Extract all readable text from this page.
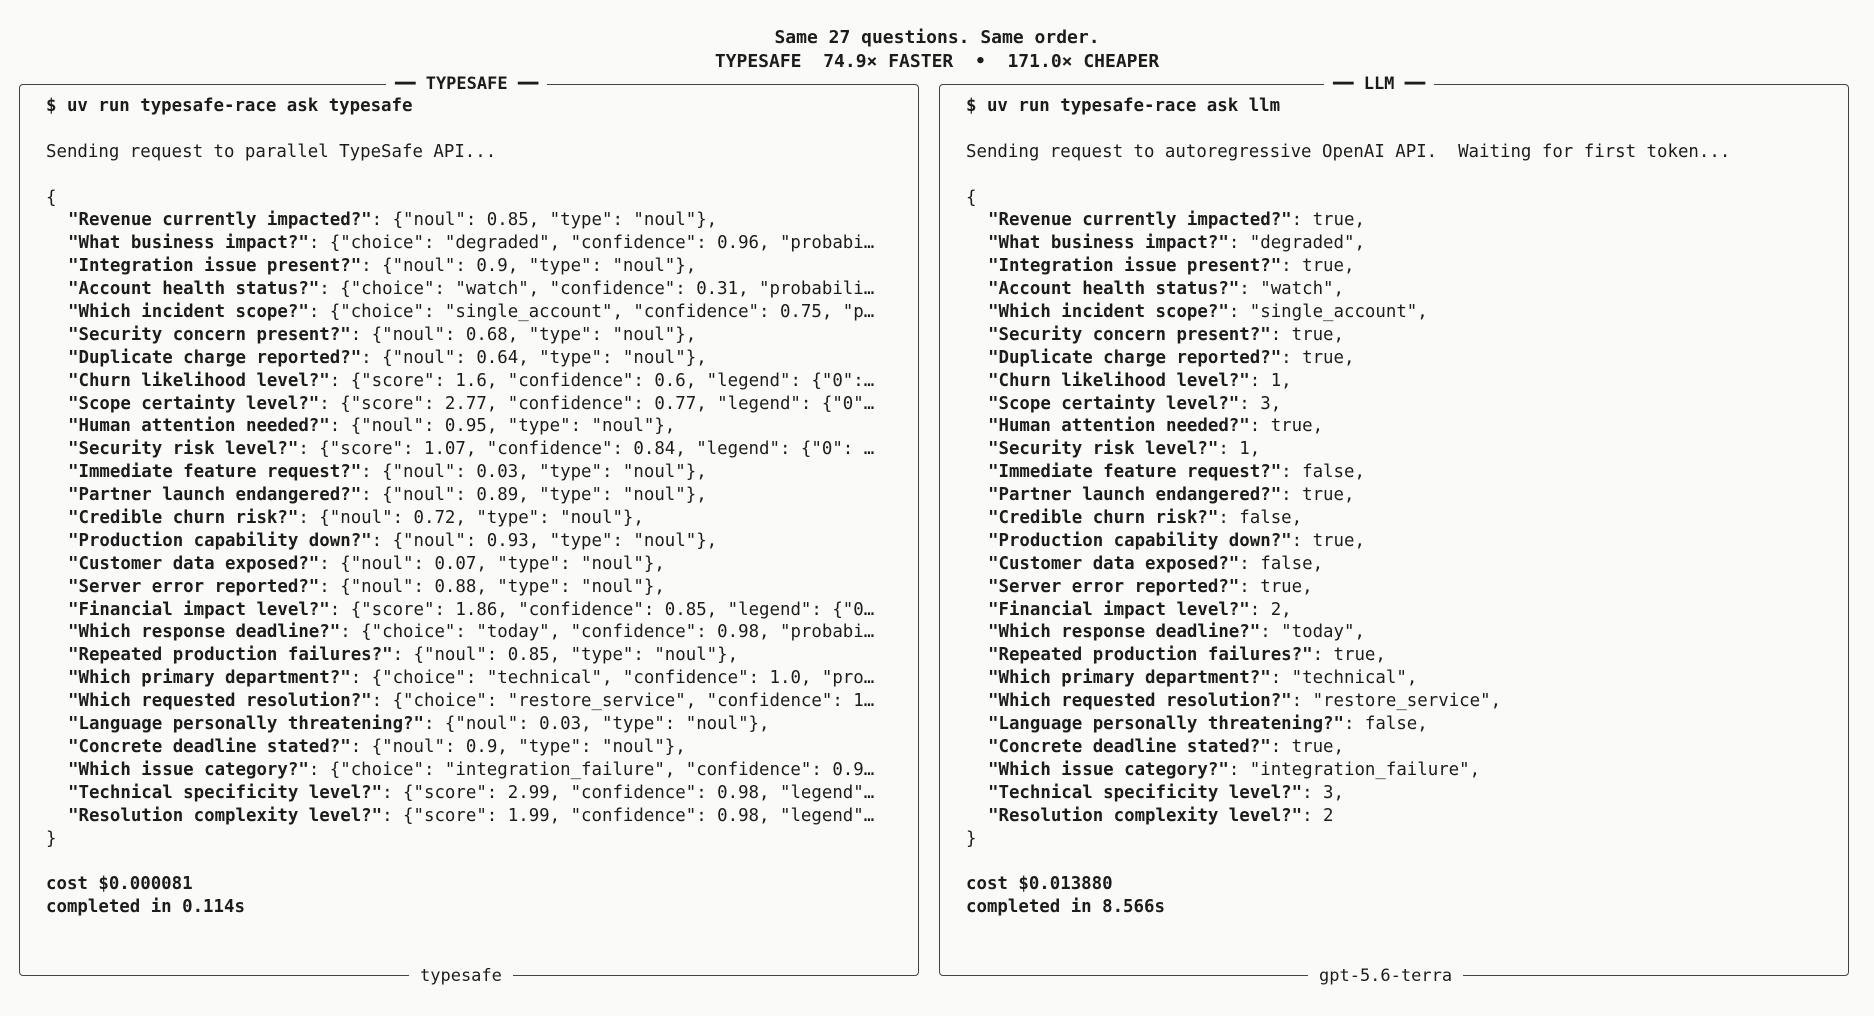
Same 27 questions. Same order.
TYPESAFE 74.9× FASTER • 171.0× CHEAPER
━━ TYPESAFE ━━
$ uv run typesafe-race ask typesafe
Sending request to parallel TypeSafe API...
{
"Revenue currently impacted?": {"noul": 0.85, "type": "noul"},
"What business impact?": {"choice": "degraded", "confidence": 0.96, "probabi…
"Integration issue present?": {"noul": 0.9, "type": "noul"},
"Account health status?": {"choice": "watch", "confidence": 0.31, "probabili…
"Which incident scope?": {"choice": "single_account", "confidence": 0.75, "p…
"Security concern present?": {"noul": 0.68, "type": "noul"},
"Duplicate charge reported?": {"noul": 0.64, "type": "noul"},
"Churn likelihood level?": {"score": 1.6, "confidence": 0.6, "legend": {"0":…
"Scope certainty level?": {"score": 2.77, "confidence": 0.77, "legend": {"0"…
"Human attention needed?": {"noul": 0.95, "type": "noul"},
"Security risk level?": {"score": 1.07, "confidence": 0.84, "legend": {"0": …
"Immediate feature request?": {"noul": 0.03, "type": "noul"},
"Partner launch endangered?": {"noul": 0.89, "type": "noul"},
"Credible churn risk?": {"noul": 0.72, "type": "noul"},
"Production capability down?": {"noul": 0.93, "type": "noul"},
"Customer data exposed?": {"noul": 0.07, "type": "noul"},
"Server error reported?": {"noul": 0.88, "type": "noul"},
"Financial impact level?": {"score": 1.86, "confidence": 0.85, "legend": {"0…
"Which response deadline?": {"choice": "today", "confidence": 0.98, "probabi…
"Repeated production failures?": {"noul": 0.85, "type": "noul"},
"Which primary department?": {"choice": "technical", "confidence": 1.0, "pro…
"Which requested resolution?": {"choice": "restore_service", "confidence": 1…
"Language personally threatening?": {"noul": 0.03, "type": "noul"},
"Concrete deadline stated?": {"noul": 0.9, "type": "noul"},
"Which issue category?": {"choice": "integration_failure", "confidence": 0.9…
"Technical specificity level?": {"score": 2.99, "confidence": 0.98, "legend"…
"Resolution complexity level?": {"score": 1.99, "confidence": 0.98, "legend"…
}
cost $0.000081
completed in 0.114s
typesafe
━━ LLM ━━
$ uv run typesafe-race ask llm
Sending request to autoregressive OpenAI API.  Waiting for first token...
{
"Revenue currently impacted?": true,
"What business impact?": "degraded",
"Integration issue present?": true,
"Account health status?": "watch",
"Which incident scope?": "single_account",
"Security concern present?": true,
"Duplicate charge reported?": true,
"Churn likelihood level?": 1,
"Scope certainty level?": 3,
"Human attention needed?": true,
"Security risk level?": 1,
"Immediate feature request?": false,
"Partner launch endangered?": true,
"Credible churn risk?": false,
"Production capability down?": true,
"Customer data exposed?": false,
"Server error reported?": true,
"Financial impact level?": 2,
"Which response deadline?": "today",
"Repeated production failures?": true,
"Which primary department?": "technical",
"Which requested resolution?": "restore_service",
"Language personally threatening?": false,
"Concrete deadline stated?": true,
"Which issue category?": "integration_failure",
"Technical specificity level?": 3,
"Resolution complexity level?": 2
}
cost $0.013880
completed in 8.566s
gpt-5.6-terra
